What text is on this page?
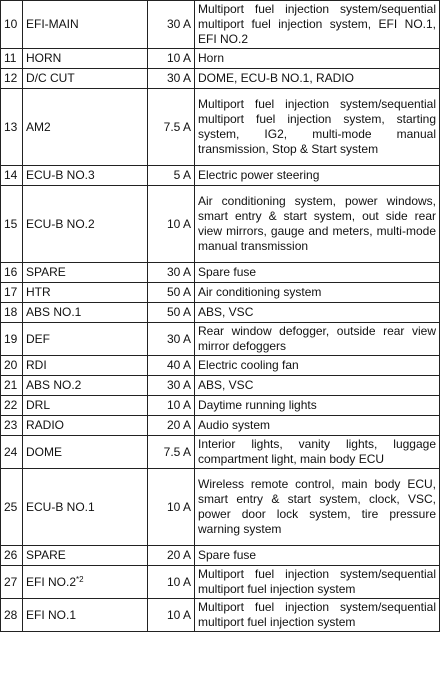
10	EFI-MAIN	30 A	Multiport fuel injection system/sequential multiport fuel injection system, EFI NO.1, EFI NO.2
11	HORN	10 A	Horn
12	D/C CUT	30 A	DOME, ECU-B NO.1, RADIO
13	AM2	7.5 A	Multiport fuel injection system/sequential multiport fuel injection system, starting system, IG2, multi-mode manual transmission, Stop & Start system
14	ECU-B NO.3	5 A	Electric power steering
15	ECU-B NO.2	10 A	Air conditioning system, power windows, smart entry & start system, out side rear view mirrors, gauge and meters, multi-mode manual transmission
16	SPARE	30 A	Spare fuse
17	HTR	50 A	Air conditioning system
18	ABS NO.1	50 A	ABS, VSC
19	DEF	30 A	Rear window defogger, outside rear view mirror defoggers
20	RDI	40 A	Electric cooling fan
21	ABS NO.2	30 A	ABS, VSC
22	DRL	10 A	Daytime running lights
23	RADIO	20 A	Audio system
24	DOME	7.5 A	Interior lights, vanity lights, luggage compartment light, main body ECU
25	ECU-B NO.1	10 A	Wireless remote control, main body ECU, smart entry & start system, clock, VSC, power door lock system, tire pressure warning system
26	SPARE	20 A	Spare fuse
27	EFI NO.2$^{*2}$	10 A	Multiport fuel injection system/sequential multiport fuel injection system
28	EFI NO.1	10 A	Multiport fuel injection system/sequential multiport fuel injection system
